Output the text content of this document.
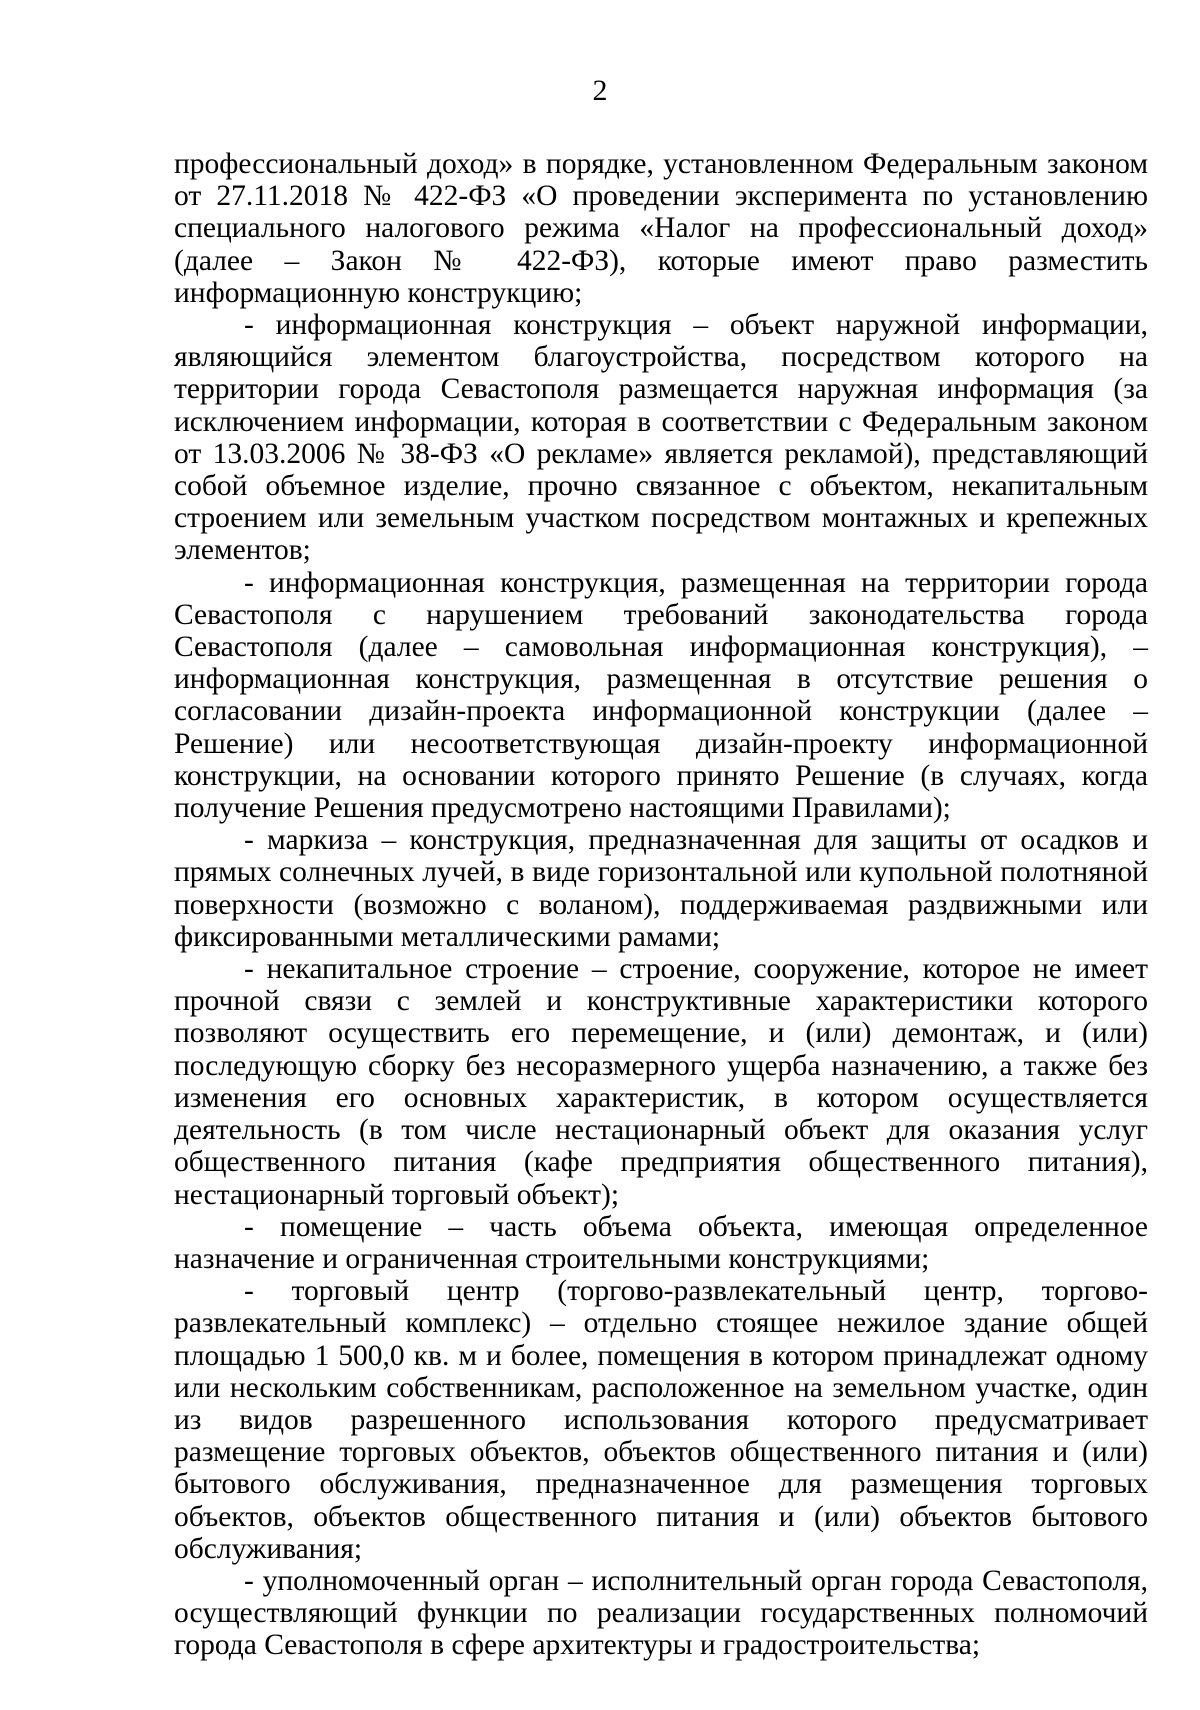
2

профессиональный доход» в порядке, установленном Федеральным законом от 27.11.2018 № 422-ФЗ «О проведении эксперимента по установлению специального налогового режима «Налог на профессиональный доход» (далее – Закон № 422-ФЗ), которые имеют право разместить информационную конструкцию;

- информационная конструкция – объект наружной информации, являющийся элементом благоустройства, посредством которого на территории города Севастополя размещается наружная информация (за исключением информации, которая в соответствии с Федеральным законом от 13.03.2006 № 38-ФЗ «О рекламе» является рекламой), представляющий собой объемное изделие, прочно связанное с объектом, некапитальным строением или земельным участком посредством монтажных и крепежных элементов;

- информационная конструкция, размещенная на территории города Севастополя с нарушением требований законодательства города Севастополя (далее – самовольная информационная конструкция), – информационная конструкция, размещенная в отсутствие решения о согласовании дизайн-проекта информационной конструкции (далее – Решение) или несоответствующая дизайн-проекту информационной конструкции, на основании которого принято Решение (в случаях, когда получение Решения предусмотрено настоящими Правилами);

- маркиза – конструкция, предназначенная для защиты от осадков и прямых солнечных лучей, в виде горизонтальной или купольной полотняной поверхности (возможно с воланом), поддерживаемая раздвижными или фиксированными металлическими рамами;

- некапитальное строение – строение, сооружение, которое не имеет прочной связи с землей и конструктивные характеристики которого позволяют осуществить его перемещение, и (или) демонтаж, и (или) последующую сборку без несоразмерного ущерба назначению, а также без изменения его основных характеристик, в котором осуществляется деятельность (в том числе нестационарный объект для оказания услуг общественного питания (кафе предприятия общественного питания), нестационарный торговый объект);

- помещение – часть объема объекта, имеющая определенное назначение и ограниченная строительными конструкциями;

- торговый центр (торгово-развлекательный центр, торгово-развлекательный комплекс) – отдельно стоящее нежилое здание общей площадью 1 500,0 кв. м и более, помещения в котором принадлежат одному или нескольким собственникам, расположенное на земельном участке, один из видов разрешенного использования которого предусматривает размещение торговых объектов, объектов общественного питания и (или) бытового обслуживания, предназначенное для размещения торговых объектов, объектов общественного питания и (или) объектов бытового обслуживания;

- уполномоченный орган – исполнительный орган города Севастополя, осуществляющий функции по реализации государственных полномочий города Севастополя в сфере архитектуры и градостроительства;
